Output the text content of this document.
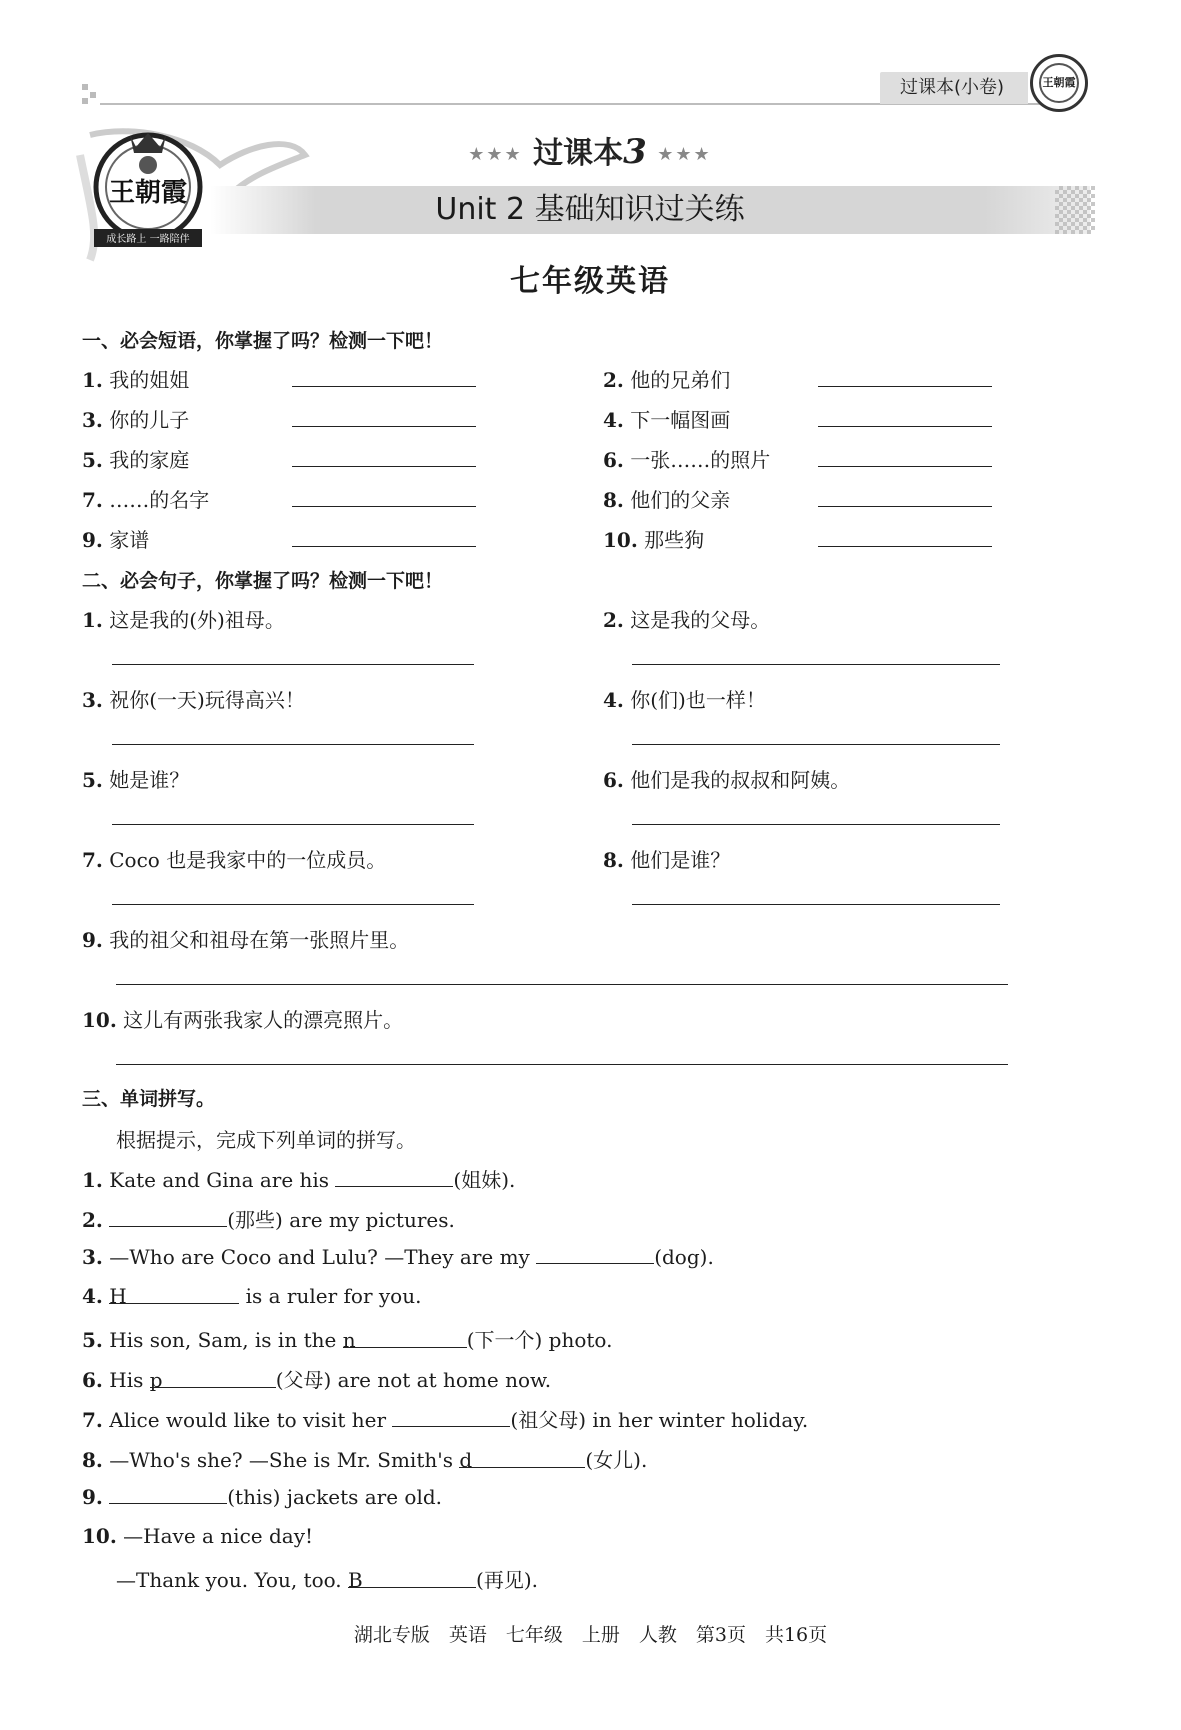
过课本(小卷)	王朝霞
王朝霞
成长路上 一路陪伴
★★★ 过课本3 ★★★
Unit 2 基础知识过关练
七年级英语
一、必会短语，你掌握了吗？检测一下吧！
1. 我的姐姐	2. 他的兄弟们
3. 你的儿子	4. 下一幅图画
5. 我的家庭	6. 一张……的照片
7. ……的名字	8. 他们的父亲
9. 家谱	10. 那些狗
二、必会句子，你掌握了吗？检测一下吧！
1. 这是我的(外)祖母。	2. 这是我的父母。
3. 祝你(一天)玩得高兴！	4. 你(们)也一样！
5. 她是谁？	6. 他们是我的叔叔和阿姨。
7. Coco 也是我家中的一位成员。	8. 他们是谁？
9. 我的祖父和祖母在第一张照片里。
10. 这儿有两张我家人的漂亮照片。
三、单词拼写。
根据提示，完成下列单词的拼写。
1. Kate and Gina are his	(姐妹).
2.	(那些) are my pictures.
3. —Who are Coco and Lulu? —They are my	(dog).
4. H	is a ruler for you.
5. His son, Sam, is in the n	(下一个) photo.
6. His p	(父母) are not at home now.
7. Alice would like to visit her	(祖父母) in her winter holiday.
8. —Who's she? —She is Mr. Smith's d	(女儿).
9.	(this) jackets are old.
10. —Have a nice day!
—Thank you. You, too. B	(再见).
湖北专版　英语　七年级　上册　人教　第3页　共16页
